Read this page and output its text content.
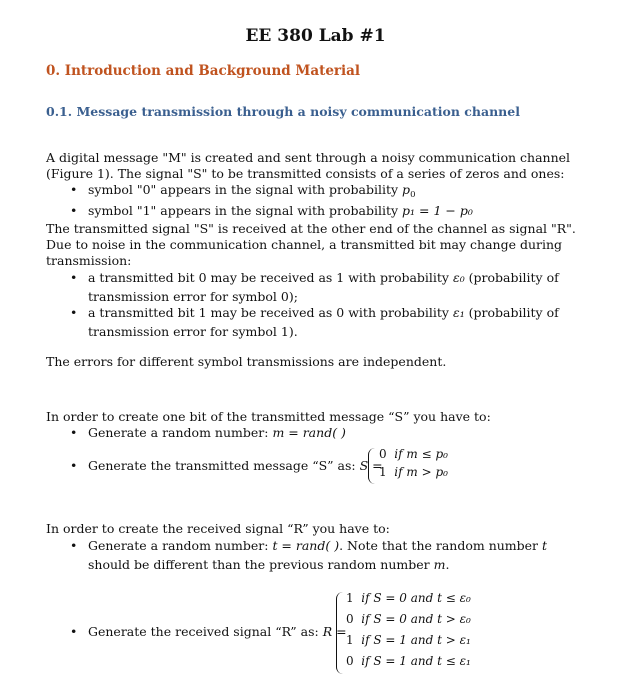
EE 380 Lab #1
0. Introduction and Background Material
0.1. Message transmission through a noisy communication channel
A digital message "M" is created and sent through a noisy communication channel
(Figure 1). The signal "S" to be transmitted consists of a series of zeros and ones:
• symbol "0" appears in the signal with probability $p_0$
• symbol "1" appears in the signal with probability p₁ = 1 − p₀
The transmitted signal "S" is received at the other end of the channel as signal "R".
Due to noise in the communication channel, a transmitted bit may change during
transmission:
• a transmitted bit 0 may be received as 1 with probability ε₀ (probability of
transmission error for symbol 0);
• a transmitted bit 1 may be received as 0 with probability ε₁ (probability of
transmission error for symbol 1).
The errors for different symbol transmissions are independent.
In order to create one bit of the transmitted message “S” you have to:
• Generate a random number: m = rand( )
• Generate the transmitted message “S” as: S =
0 if m ≤ p₀
1 if m > p₀
In order to create the received signal “R” you have to:
• Generate a random number: t = rand( ). Note that the random number t
should be different than the previous random number m.
• Generate the received signal “R” as: R =
1 if S = 0 and t ≤ ε₀
0 if S = 0 and t > ε₀
1 if S = 1 and t > ε₁
0 if S = 1 and t ≤ ε₁
